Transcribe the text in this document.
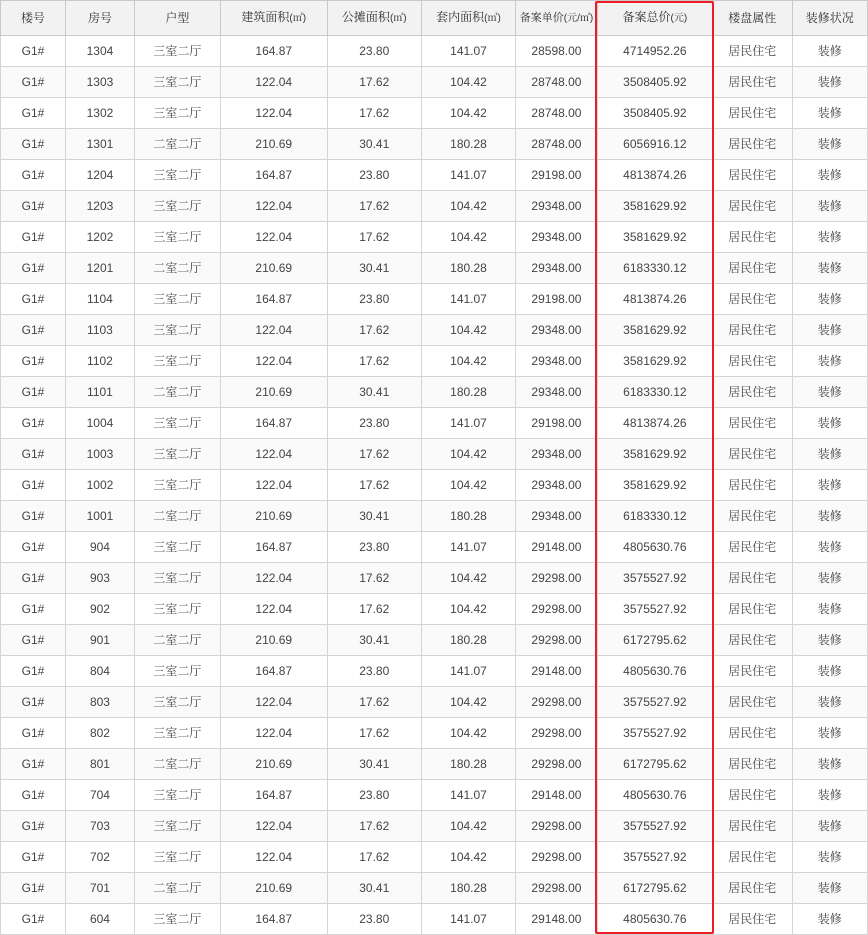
楼号	房号	户型	建筑面积(㎡)	公摊面积(㎡)	套内面积(㎡)	备案单价(元/㎡)	备案总价(元)	楼盘属性	装修状况
G1#	1304	三室二厅	164.87	23.80	141.07	28598.00	4714952.26	居民住宅	装修
G1#	1303	三室二厅	122.04	17.62	104.42	28748.00	3508405.92	居民住宅	装修
G1#	1302	三室二厅	122.04	17.62	104.42	28748.00	3508405.92	居民住宅	装修
G1#	1301	二室二厅	210.69	30.41	180.28	28748.00	6056916.12	居民住宅	装修
G1#	1204	三室二厅	164.87	23.80	141.07	29198.00	4813874.26	居民住宅	装修
G1#	1203	三室二厅	122.04	17.62	104.42	29348.00	3581629.92	居民住宅	装修
G1#	1202	三室二厅	122.04	17.62	104.42	29348.00	3581629.92	居民住宅	装修
G1#	1201	二室二厅	210.69	30.41	180.28	29348.00	6183330.12	居民住宅	装修
G1#	1104	三室二厅	164.87	23.80	141.07	29198.00	4813874.26	居民住宅	装修
G1#	1103	三室二厅	122.04	17.62	104.42	29348.00	3581629.92	居民住宅	装修
G1#	1102	三室二厅	122.04	17.62	104.42	29348.00	3581629.92	居民住宅	装修
G1#	1101	二室二厅	210.69	30.41	180.28	29348.00	6183330.12	居民住宅	装修
G1#	1004	三室二厅	164.87	23.80	141.07	29198.00	4813874.26	居民住宅	装修
G1#	1003	三室二厅	122.04	17.62	104.42	29348.00	3581629.92	居民住宅	装修
G1#	1002	三室二厅	122.04	17.62	104.42	29348.00	3581629.92	居民住宅	装修
G1#	1001	二室二厅	210.69	30.41	180.28	29348.00	6183330.12	居民住宅	装修
G1#	904	三室二厅	164.87	23.80	141.07	29148.00	4805630.76	居民住宅	装修
G1#	903	三室二厅	122.04	17.62	104.42	29298.00	3575527.92	居民住宅	装修
G1#	902	三室二厅	122.04	17.62	104.42	29298.00	3575527.92	居民住宅	装修
G1#	901	二室二厅	210.69	30.41	180.28	29298.00	6172795.62	居民住宅	装修
G1#	804	三室二厅	164.87	23.80	141.07	29148.00	4805630.76	居民住宅	装修
G1#	803	三室二厅	122.04	17.62	104.42	29298.00	3575527.92	居民住宅	装修
G1#	802	三室二厅	122.04	17.62	104.42	29298.00	3575527.92	居民住宅	装修
G1#	801	二室二厅	210.69	30.41	180.28	29298.00	6172795.62	居民住宅	装修
G1#	704	三室二厅	164.87	23.80	141.07	29148.00	4805630.76	居民住宅	装修
G1#	703	三室二厅	122.04	17.62	104.42	29298.00	3575527.92	居民住宅	装修
G1#	702	三室二厅	122.04	17.62	104.42	29298.00	3575527.92	居民住宅	装修
G1#	701	二室二厅	210.69	30.41	180.28	29298.00	6172795.62	居民住宅	装修
G1#	604	三室二厅	164.87	23.80	141.07	29148.00	4805630.76	居民住宅	装修
